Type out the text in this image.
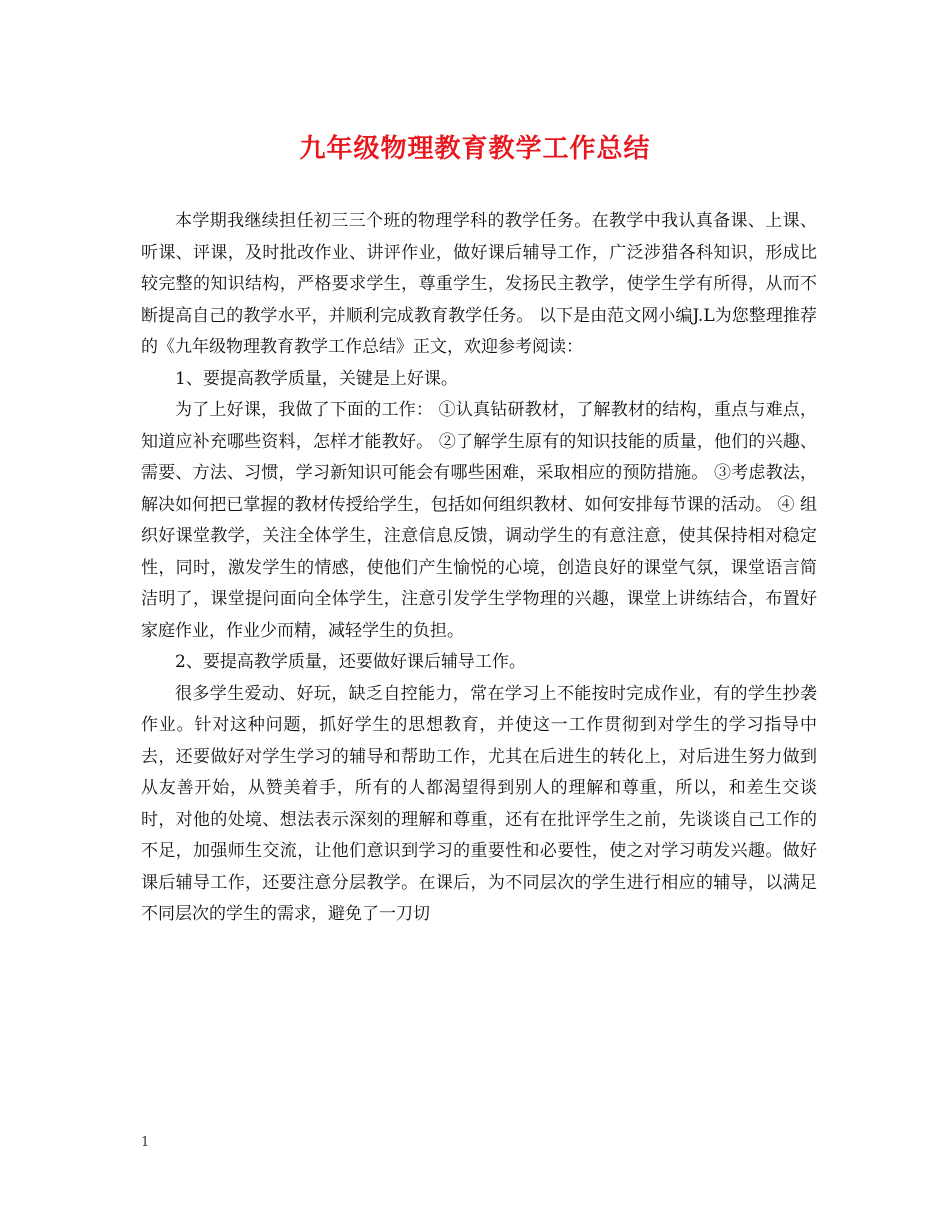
九年级物理教育教学工作总结

本学期我继续担任初三三个班的物理学科的教学任务。在教学中我认真备课、上课、听课、评课，及时批改作业、讲评作业，做好课后辅导工作，广泛涉猎各科知识，形成比较完整的知识结构，严格要求学生，尊重学生，发扬民主教学，使学生学有所得，从而不断提高自己的教学水平，并顺利完成教育教学任务。 以下是由范文网小编J.L为您整理推荐的《九年级物理教育教学工作总结》正文，欢迎参考阅读：

1、要提高教学质量，关键是上好课。

为了上好课，我做了下面的工作： ①认真钻研教材，了解教材的结构，重点与难点，知道应补充哪些资料，怎样才能教好。 ②了解学生原有的知识技能的质量，他们的兴趣、需要、方法、习惯，学习新知识可能会有哪些困难，采取相应的预防措施。 ③考虑教法，解决如何把已掌握的教材传授给学生，包括如何组织教材、如何安排每节课的活动。 ④ 组织好课堂教学，关注全体学生，注意信息反馈，调动学生的有意注意，使其保持相对稳定性，同时，激发学生的情感，使他们产生愉悦的心境，创造良好的课堂气氛，课堂语言简洁明了，课堂提问面向全体学生，注意引发学生学物理的兴趣，课堂上讲练结合，布置好家庭作业，作业少而精，减轻学生的负担。

2、要提高教学质量，还要做好课后辅导工作。

很多学生爱动、好玩，缺乏自控能力，常在学习上不能按时完成作业，有的学生抄袭作业。针对这种问题，抓好学生的思想教育，并使这一工作贯彻到对学生的学习指导中去，还要做好对学生学习的辅导和帮助工作，尤其在后进生的转化上，对后进生努力做到从友善开始，从赞美着手，所有的人都渴望得到别人的理解和尊重，所以，和差生交谈时，对他的处境、想法表示深刻的理解和尊重，还有在批评学生之前，先谈谈自己工作的不足，加强师生交流，让他们意识到学习的重要性和必要性，使之对学习萌发兴趣。做好课后辅导工作，还要注意分层教学。在课后，为不同层次的学生进行相应的辅导，以满足不同层次的学生的需求，避免了一刀切

1
